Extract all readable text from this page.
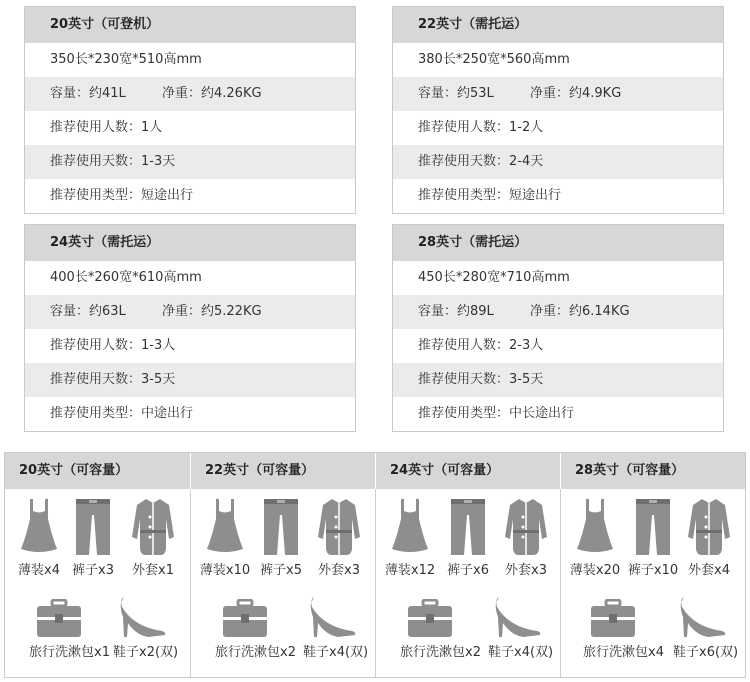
20英寸（可登机）
350长*230宽*510高mm
容量：约41L	净重：约4.26KG
推荐使用人数：1人
推荐使用天数：1-3天
推荐使用类型：短途出行
22英寸（需托运）
380长*250宽*560高mm
容量：约53L	净重：约4.9KG
推荐使用人数：1-2人
推荐使用天数：2-4天
推荐使用类型：短途出行
24英寸（需托运）
400长*260宽*610高mm
容量：约63L	净重：约5.22KG
推荐使用人数：1-3人
推荐使用天数：3-5天
推荐使用类型：中途出行
28英寸（需托运）
450长*280宽*710高mm
容量：约89L	净重：约6.14KG
推荐使用人数：2-3人
推荐使用天数：3-5天
推荐使用类型：中长途出行
20英寸（可容量）
薄装x4 裤子x3	外套x1
旅行洗漱包x1 鞋子x2(双)
22英寸（可容量）
薄装x10 裤子x5	外套x3
旅行洗漱包x2 鞋子x4(双)
24英寸（可容量）
薄装x12 裤子x6	外套x3
旅行洗漱包x2 鞋子x4(双)
28英寸（可容量）
薄装x20 裤子x10 外套x4
旅行洗漱包x4 鞋子x6(双)
